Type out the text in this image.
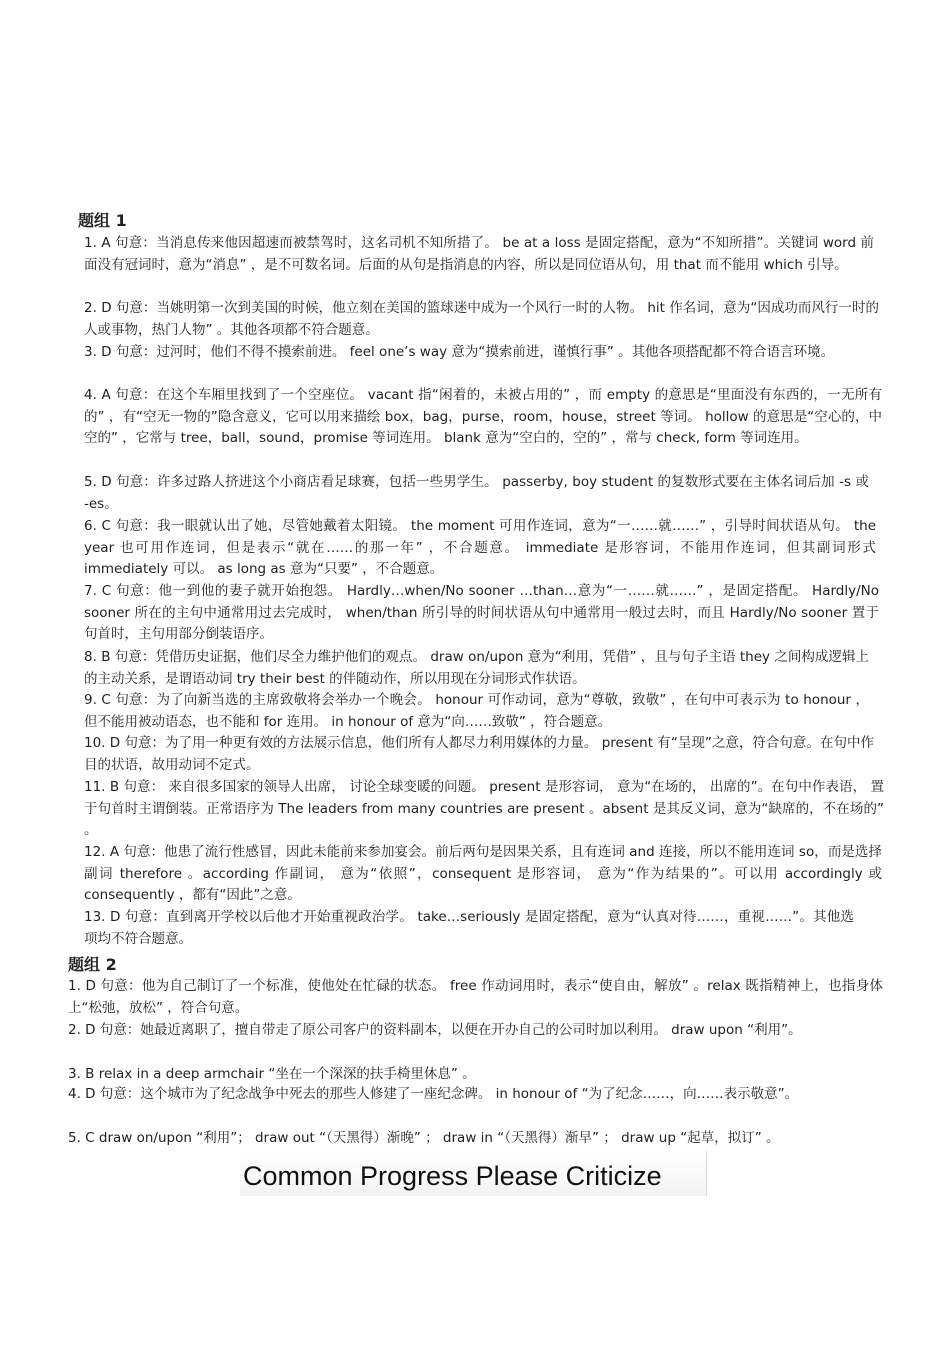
题组 1
1. A 句意：当消息传来他因超速而被禁驾时，这名司机不知所措了。 be at a loss 是固定搭配，意为“不知所措”。关键词 word 前面没有冠词时，意为“消息” ，是不可数名词。后面的从句是指消息的内容，所以是同位语从句，用 that 而不能用 which 引导。
2. D 句意：当姚明第一次到美国的时候，他立刻在美国的篮球迷中成为一个风行一时的人物。 hit 作名词，意为“因成功而风行一时的人或事物，热门人物” 。其他各项都不符合题意。
3. D 句意：过河时，他们不得不摸索前进。 feel one’s way 意为“摸索前进，谨慎行事” 。其他各项搭配都不符合语言环境。
4. A 句意：在这个车厢里找到了一个空座位。 vacant 指“闲着的，未被占用的” ，而 empty 的意思是“里面没有东西的，一无所有的” ，有“空无一物的”隐含意义，它可以用来描绘 box，bag，purse，room，house，street 等词。 hollow 的意思是“空心的，中空的” ，它常与 tree，ball，sound，promise 等词连用。 blank 意为“空白的，空的” ，常与 check, form 等词连用。
5. D 句意：许多过路人挤进这个小商店看足球赛，包括一些男学生。 passerby, boy student 的复数形式要在主体名词后加 -s 或 -es。
6. C 句意：我一眼就认出了她，尽管她戴着太阳镜。 the moment 可用作连词，意为“一……就……” ，引导时间状语从句。 the year 也可用作连词，但是表示“就在……的那一年” ，不合题意。 immediate 是形容词，不能用作连词，但其副词形式 immediately 可以。 as long as 意为“只要” ，不合题意。
7. C 句意：他一到他的妻子就开始抱怨。 Hardly…when/No sooner …than…意为“一……就……” ，是固定搭配。 Hardly/No sooner 所在的主句中通常用过去完成时， when/than 所引导的时间状语从句中通常用一般过去时，而且 Hardly/No sooner 置于句首时，主句用部分倒装语序。
8. B 句意：凭借历史证据，他们尽全力维护他们的观点。 draw on/upon 意为“利用，凭借” ，且与句子主语 they 之间构成逻辑上的主动关系，是谓语动词 try their best 的伴随动作，所以用现在分词形式作状语。
9. C 句意：为了向新当选的主席致敬将会举办一个晚会。 honour 可作动词，意为“尊敬，致敬” ，在句中可表示为 to honour ，但不能用被动语态，也不能和 for 连用。 in honour of 意为“向……致敬” ，符合题意。
10. D 句意：为了用一种更有效的方法展示信息，他们所有人都尽力利用媒体的力量。 present 有“呈现”之意，符合句意。在句中作目的状语，故用动词不定式。
11. B 句意： 来自很多国家的领导人出席， 讨论全球变暖的问题。 present 是形容词， 意为“在场的， 出席的”。在句中作表语， 置于句首时主谓倒装。正常语序为 The leaders from many countries are present 。absent 是其反义词，意为“缺席的，不在场的” 。
12. A 句意：他患了流行性感冒，因此未能前来参加宴会。前后两句是因果关系，且有连词 and 连接，所以不能用连词 so，而是选择副词 therefore 。according 作副词， 意为“依照”，consequent 是形容词， 意为“作为结果的”。可以用 accordingly 或 consequently ，都有“因此”之意。
13. D 句意：直到离开学校以后他才开始重视政治学。 take…seriously 是固定搭配，意为“认真对待……，重视……”。其他选项均不符合题意。
题组 2
1. D 句意：他为自己制订了一个标准，使他处在忙碌的状态。 free 作动词用时，表示“使自由，解放” 。relax 既指精神上，也指身体上“松弛，放松” ，符合句意。
2. D 句意：她最近离职了，擅自带走了原公司客户的资料副本，以便在开办自己的公司时加以利用。 draw upon “利用”。
3. B relax in a deep armchair “坐在一个深深的扶手椅里休息” 。
4. D 句意：这个城市为了纪念战争中死去的那些人修建了一座纪念碑。 in honour of “为了纪念……，向……表示敬意”。
5. C draw on/upon “利用”； draw out “（天黑得）渐晚” ； draw in “（天黑得）渐早” ； draw up “起草，拟订” 。
Common Progress Please Criticize
